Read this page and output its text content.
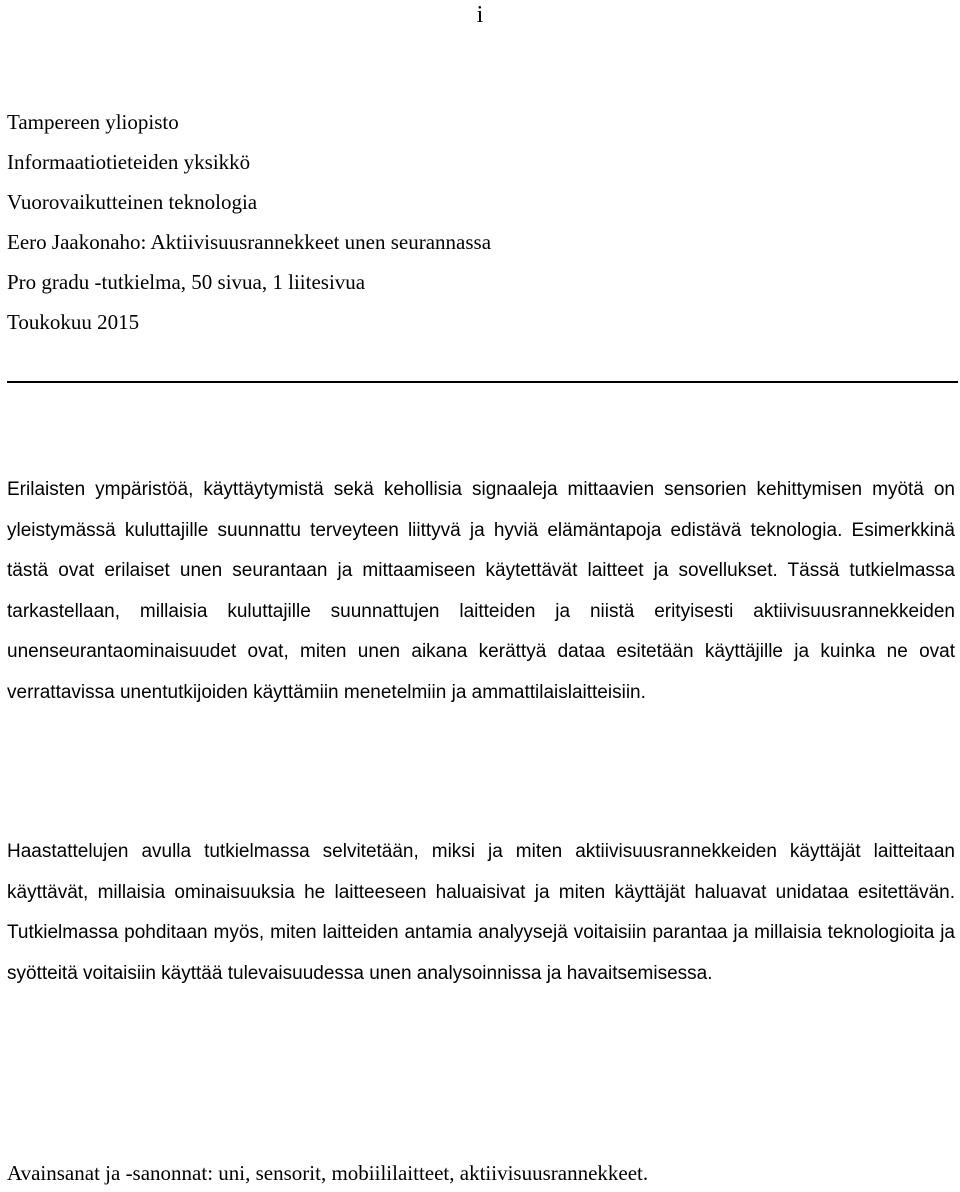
i
Tampereen yliopisto
Informaatiotieteiden yksikkö
Vuorovaikutteinen teknologia
Eero Jaakonaho: Aktiivisuusrannekkeet unen seurannassa
Pro gradu -tutkielma, 50 sivua, 1 liitesivua
Toukokuu 2015

Erilaisten ympäristöä, käyttäytymistä sekä kehollisia signaaleja mittaavien sensorien kehittymisen myötä on yleistymässä kuluttajille suunnattu terveyteen liittyvä ja hyviä elämäntapoja edistävä teknologia. Esimerkkinä tästä ovat erilaiset unen seurantaan ja mittaamiseen käytettävät laitteet ja sovellukset. Tässä tutkielmassa tarkastellaan, millaisia kuluttajille suunnattujen laitteiden ja niistä erityisesti aktiivisuusrannekkeiden unenseurantaominaisuudet ovat, miten unen aikana kerättyä dataa esitetään käyttäjille ja kuinka ne ovat verrattavissa unentutkijoiden käyttämiin menetelmiin ja ammattilaislaitteisiin.

Haastattelujen avulla tutkielmassa selvitetään, miksi ja miten aktiivisuusrannekkeiden käyttäjät laitteitaan käyttävät, millaisia ominaisuuksia he laitteeseen haluaisivat ja miten käyttäjät haluavat unidataa esitettävän. Tutkielmassa pohditaan myös, miten laitteiden antamia analyysejä voitaisiin parantaa ja millaisia teknologioita ja syötteitä voitaisiin käyttää tulevaisuudessa unen analysoinnissa ja havaitsemisessa.

Avainsanat ja -sanonnat: uni, sensorit, mobiililaitteet, aktiivisuusrannekkeet.
